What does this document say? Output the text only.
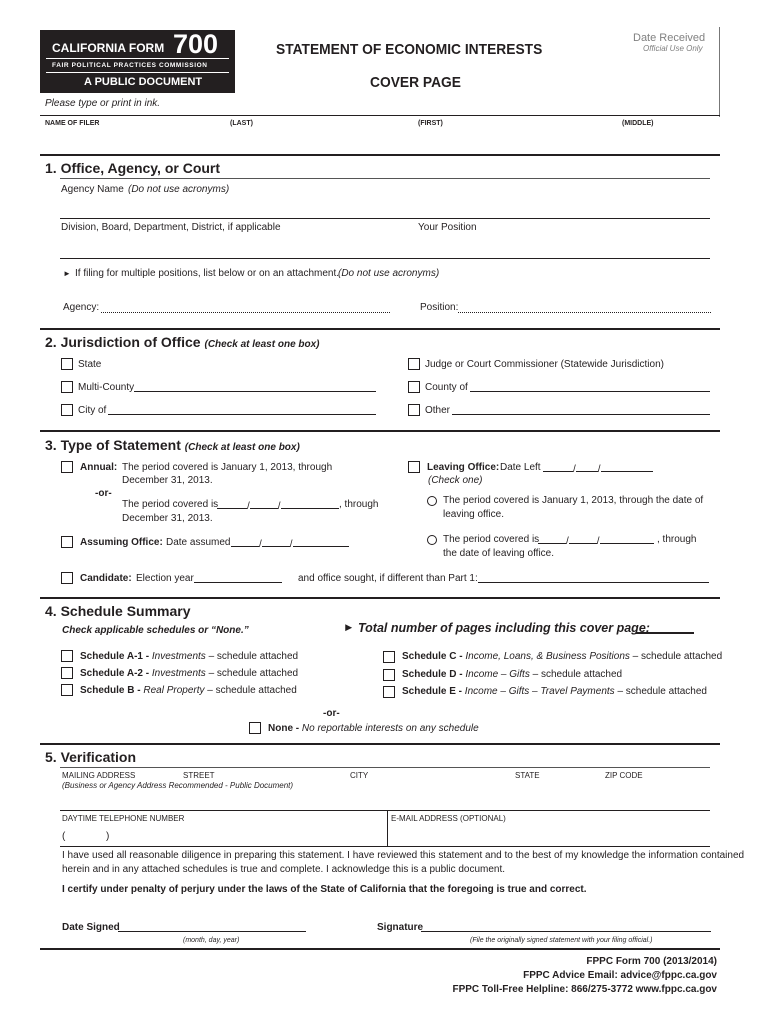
CALIFORNIA FORM 700
FAIR POLITICAL PRACTICES COMMISSION
A PUBLIC DOCUMENT
STATEMENT OF ECONOMIC INTERESTS
COVER PAGE
Date Received
Official Use Only
Please type or print in ink.
NAME OF FILER	(LAST)	(FIRST)	(MIDDLE)
1. Office, Agency, or Court
Agency Name (Do not use acronyms)
Division, Board, Department, District, if applicable	Your Position
► If filing for multiple positions, list below or on an attachment.
(Do not use acronyms)
Agency:	Position:
2. Jurisdiction of Office (Check at least one box)
State	Judge or Court Commissioner (Statewide Jurisdiction)
Multi-County	County of
City of	Other
3. Type of Statement (Check at least one box)
Annual: The period covered is January 1, 2013, through
December 31, 2013.
-or-
The period covered is	/	/	, through
December 31, 2013.
Leaving Office: Date Left	/ /
(Check one)
The period covered is January 1, 2013, through the date of
leaving office.
The period covered is	/	/	, through
the date of leaving office.
Assuming Office: Date assumed	/	/
Candidate: Election year	and office sought, if different than Part 1:
4. Schedule Summary
Check applicable schedules or “None.”	► Total number of pages including this cover page:
Schedule A-1 - Investments – schedule attached
Schedule A-2 - Investments – schedule attached
Schedule B - Real Property – schedule attached
Schedule C - Income, Loans, & Business Positions – schedule attached
Schedule D - Income – Gifts – schedule attached
Schedule E - Income – Gifts – Travel Payments – schedule attached
-or-
None - No reportable interests on any schedule
5. Verification
MAILING ADDRESS	STREET	CITY	STATE	ZIP CODE
(Business or Agency Address Recommended - Public Document)
DAYTIME TELEPHONE NUMBER	E-MAIL ADDRESS (OPTIONAL)
(	)
I have used all reasonable diligence in preparing this statement. I have reviewed this statement and to the best of my knowledge the information contained
herein and in any attached schedules is true and complete. I acknowledge this is a public document.
I certify under penalty of perjury under the laws of the State of California that the foregoing is true and correct.
Date Signed
(month, day, year)
Signature
(File the originally signed statement with your filing official.)
FPPC Form 700 (2013/2014)
FPPC Advice Email: advice@fppc.ca.gov
FPPC Toll-Free Helpline: 866/275-3772 www.fppc.ca.gov
